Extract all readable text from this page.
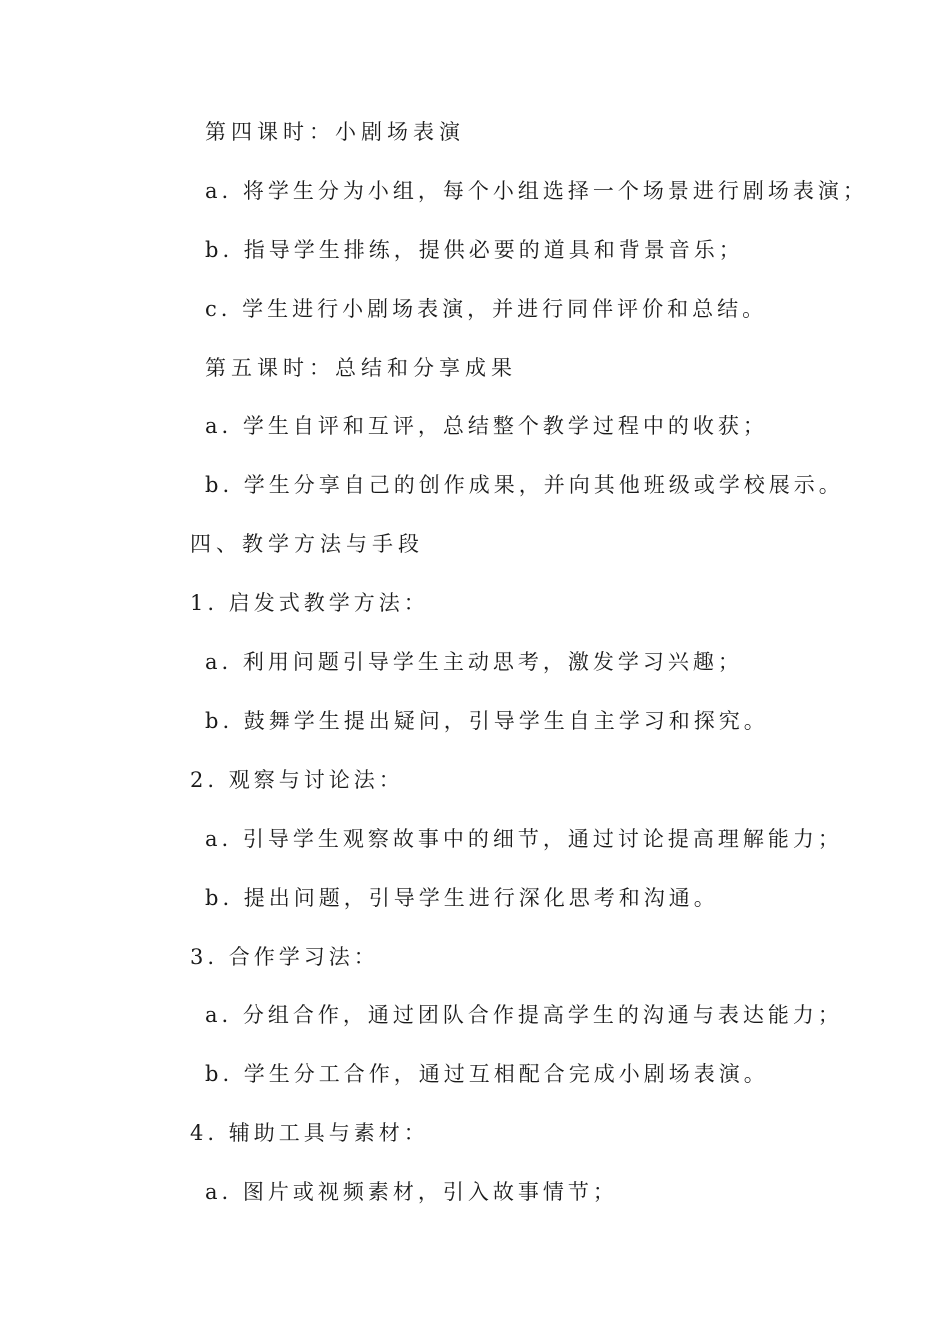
第四课时：小剧场表演
a. 将学生分为小组，每个小组选择一个场景进行剧场表演；
b. 指导学生排练，提供必要的道具和背景音乐；
c. 学生进行小剧场表演，并进行同伴评价和总结。
第五课时：总结和分享成果
a. 学生自评和互评，总结整个教学过程中的收获；
b. 学生分享自己的创作成果，并向其他班级或学校展示。
四、教学方法与手段
1. 启发式教学方法：
a. 利用问题引导学生主动思考，激发学习兴趣；
b. 鼓舞学生提出疑问，引导学生自主学习和探究。
2. 观察与讨论法：
a. 引导学生观察故事中的细节，通过讨论提高理解能力；
b. 提出问题，引导学生进行深化思考和沟通。
3. 合作学习法：
a. 分组合作，通过团队合作提高学生的沟通与表达能力；
b. 学生分工合作，通过互相配合完成小剧场表演。
4. 辅助工具与素材：
a. 图片或视频素材，引入故事情节；
